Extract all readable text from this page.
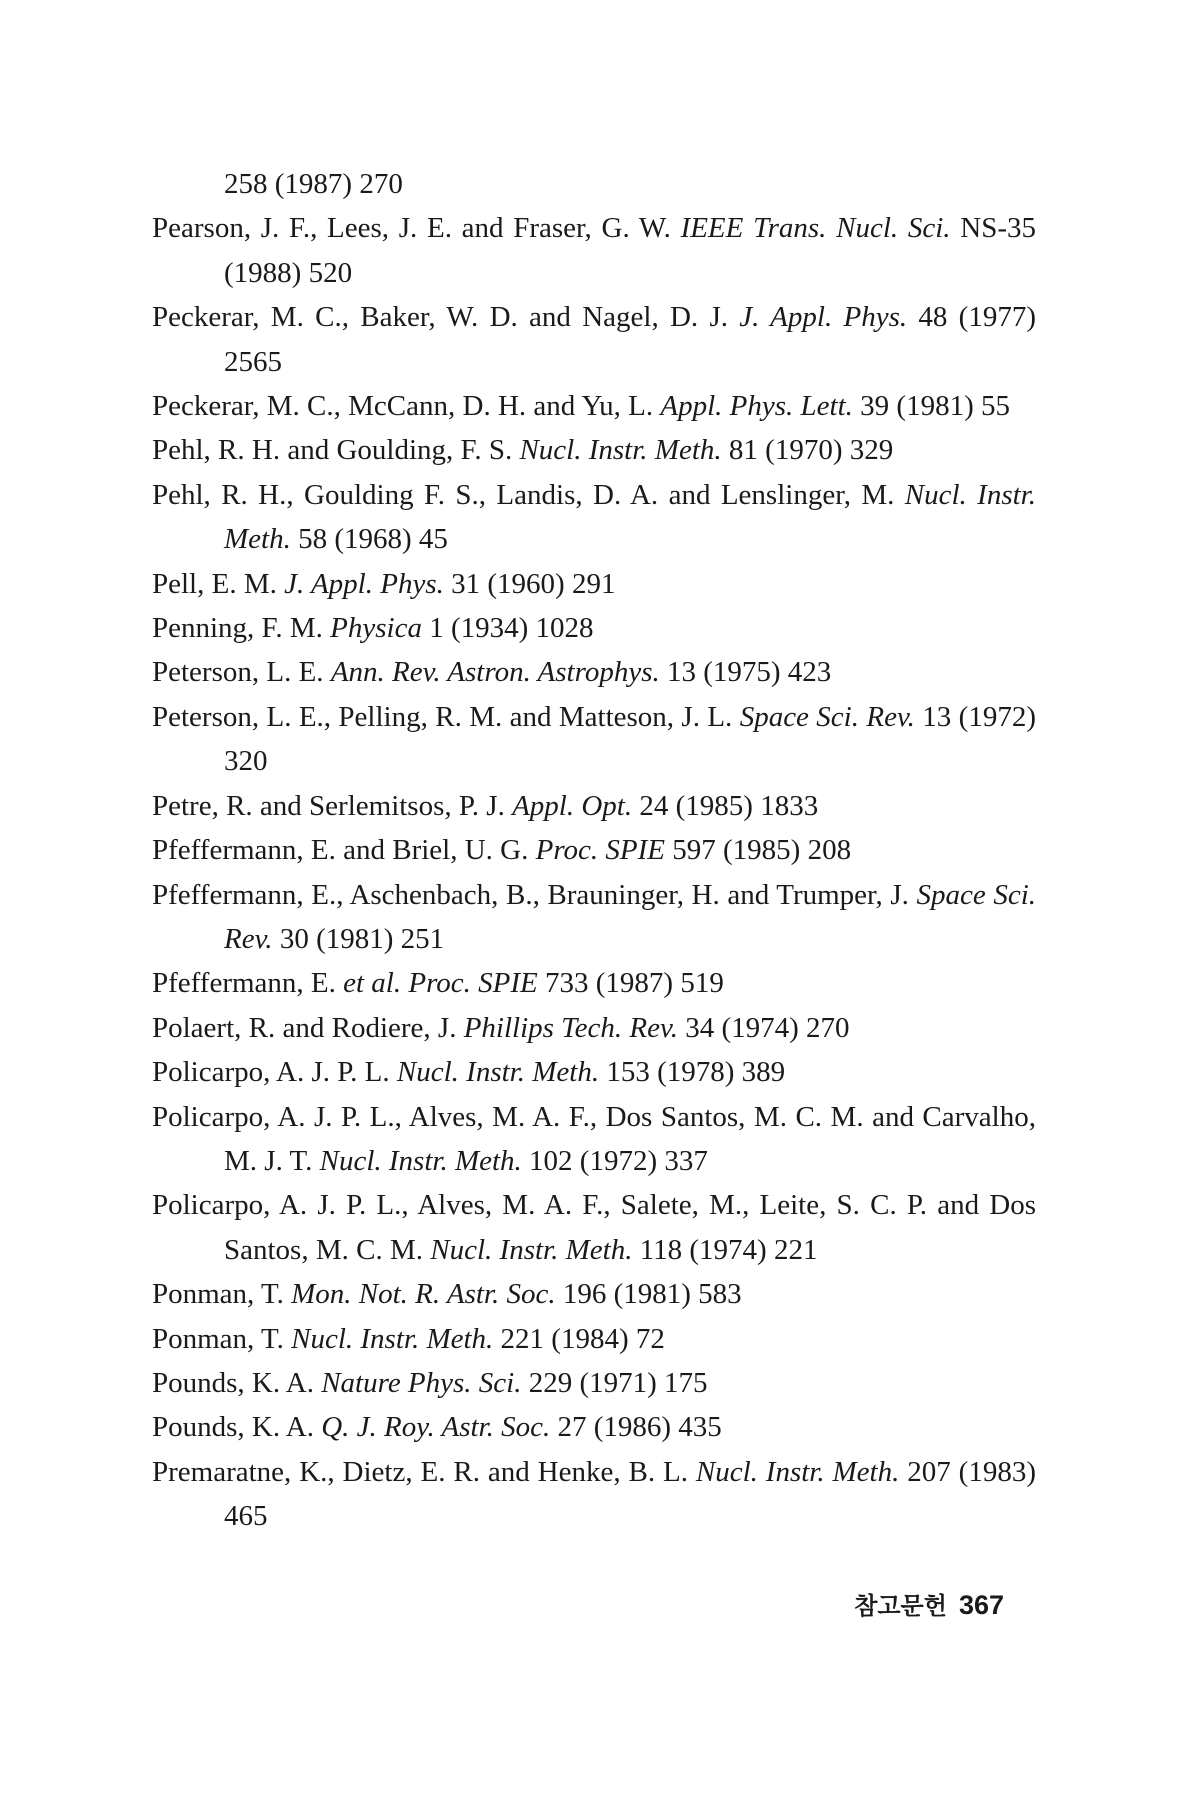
258 (1987) 270
Pearson, J. F., Lees, J. E. and Fraser, G. W. IEEE Trans. Nucl. Sci. NS-35 (1988) 520
Peckerar, M. C., Baker, W. D. and Nagel, D. J. J. Appl. Phys. 48 (1977) 2565
Peckerar, M. C., McCann, D. H. and Yu, L. Appl. Phys. Lett. 39 (1981) 55
Pehl, R. H. and Goulding, F. S. Nucl. Instr. Meth. 81 (1970) 329
Pehl, R. H., Goulding F. S., Landis, D. A. and Lenslinger, M. Nucl. Instr. Meth. 58 (1968) 45
Pell, E. M. J. Appl. Phys. 31 (1960) 291
Penning, F. M. Physica 1 (1934) 1028
Peterson, L. E. Ann. Rev. Astron. Astrophys. 13 (1975) 423
Peterson, L. E., Pelling, R. M. and Matteson, J. L. Space Sci. Rev. 13 (1972) 320
Petre, R. and Serlemitsos, P. J. Appl. Opt. 24 (1985) 1833
Pfeffermann, E. and Briel, U. G. Proc. SPIE 597 (1985) 208
Pfeffermann, E., Aschenbach, B., Brauninger, H. and Trumper, J. Space Sci. Rev. 30 (1981) 251
Pfeffermann, E. et al. Proc. SPIE 733 (1987) 519
Polaert, R. and Rodiere, J. Phillips Tech. Rev. 34 (1974) 270
Policarpo, A. J. P. L. Nucl. Instr. Meth. 153 (1978) 389
Policarpo, A. J. P. L., Alves, M. A. F., Dos Santos, M. C. M. and Carvalho, M. J. T. Nucl. Instr. Meth. 102 (1972) 337
Policarpo, A. J. P. L., Alves, M. A. F., Salete, M., Leite, S. C. P. and Dos Santos, M. C. M. Nucl. Instr. Meth. 118 (1974) 221
Ponman, T. Mon. Not. R. Astr. Soc. 196 (1981) 583
Ponman, T. Nucl. Instr. Meth. 221 (1984) 72
Pounds, K. A. Nature Phys. Sci. 229 (1971) 175
Pounds, K. A. Q. J. Roy. Astr. Soc. 27 (1986) 435
Premaratne, K., Dietz, E. R. and Henke, B. L. Nucl. Instr. Meth. 207 (1983) 465
참고문헌 367
